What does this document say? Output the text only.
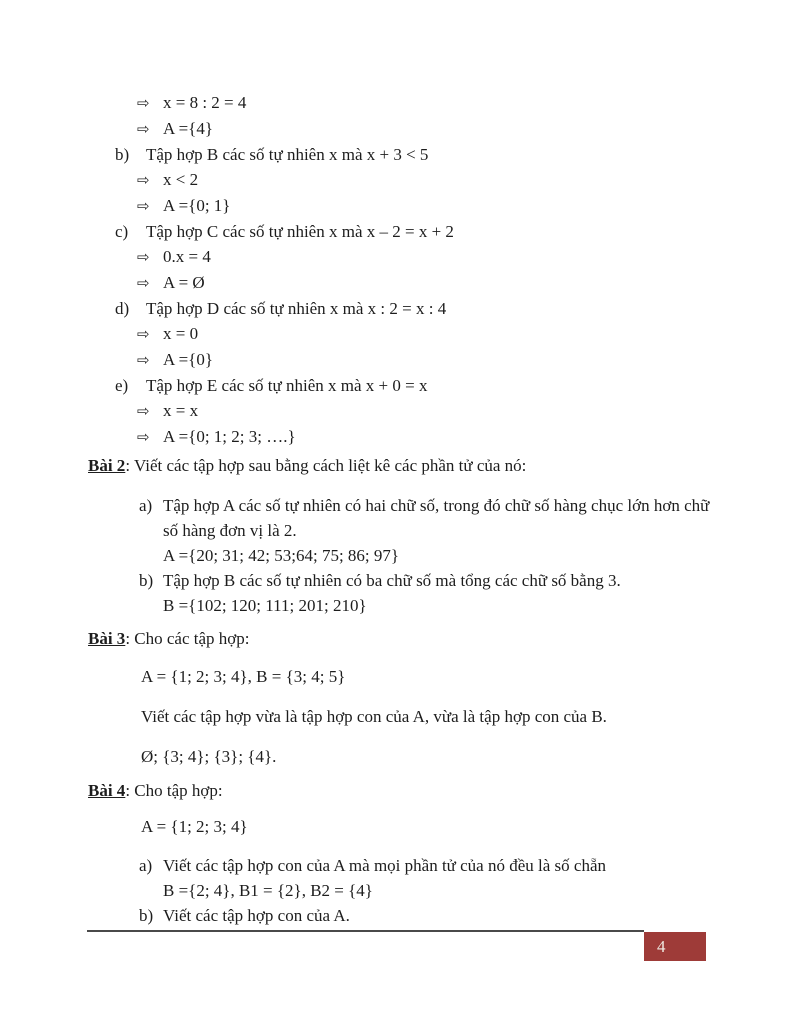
⇨ x = 8 : 2 = 4
⇨ A ={4}
b) Tập hợp B các số tự nhiên x mà x + 3 < 5
⇨ x < 2
⇨ A ={0; 1}
c) Tập hợp C các số tự nhiên x mà x – 2 = x + 2
⇨ 0.x = 4
⇨ A = Ø
d) Tập hợp D các số tự nhiên x mà x : 2 = x : 4
⇨ x = 0
⇨ A ={0}
e) Tập hợp E các số tự nhiên x mà x + 0 = x
⇨ x = x
⇨ A ={0; 1; 2; 3; ….}

Bài 2: Viết các tập hợp sau bằng cách liệt kê các phần tử của nó:

a) Tập hợp A các số tự nhiên có hai chữ số, trong đó chữ số hàng chục lớn hơn chữ số hàng đơn vị là 2.
A ={20; 31; 42; 53;64; 75; 86; 97}
b) Tập hợp B các số tự nhiên có ba chữ số mà tổng các chữ số bằng 3.
B ={102; 120; 111; 201; 210}

Bài 3: Cho các tập hợp:

A = {1; 2; 3; 4}, B = {3; 4; 5}

Viết các tập hợp vừa là tập hợp con của A, vừa là tập hợp con của B.

Ø; {3; 4}; {3}; {4}.

Bài 4: Cho tập hợp:

A = {1; 2; 3; 4}

a) Viết các tập hợp con của A mà mọi phần tử của nó đều là số chẵn
B ={2; 4}, B1 = {2}, B2 = {4}
b) Viết các tập hợp con của A.
4
